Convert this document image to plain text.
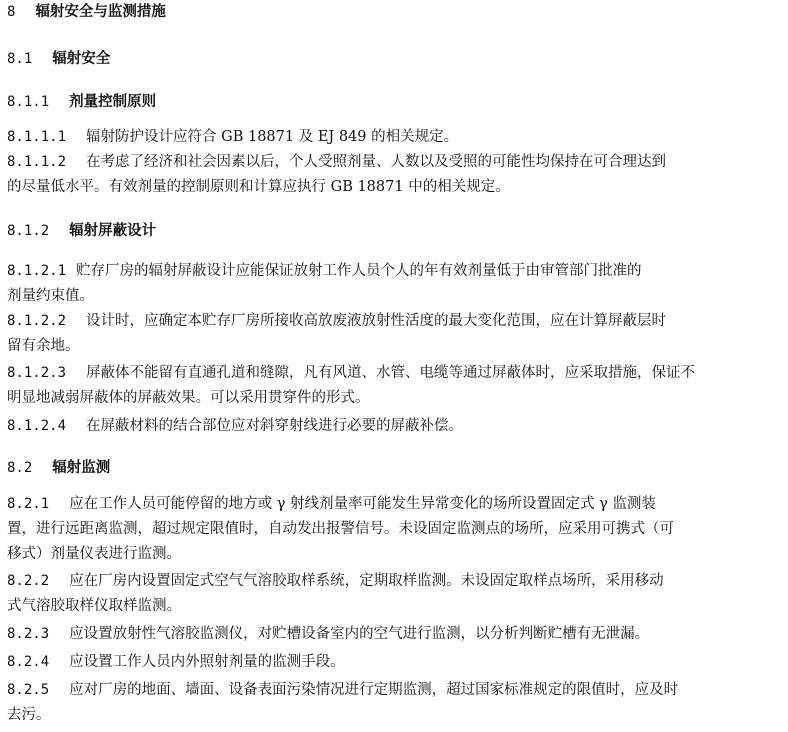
8 辐射安全与监测措施
8.1 辐射安全
8.1.1 剂量控制原则
8.1.1.1 辐射防护设计应符合 GB 18871 及 EJ 849 的相关规定。
8.1.1.2 在考虑了经济和社会因素以后，个人受照剂量、人数以及受照的可能性均保持在可合理达到
的尽量低水平。有效剂量的控制原则和计算应执行 GB 18871 中的相关规定。
8.1.2 辐射屏蔽设计
8.1.2.1 贮存厂房的辐射屏蔽设计应能保证放射工作人员个人的年有效剂量低于由审管部门批准的
剂量约束值。
8.1.2.2 设计时，应确定本贮存厂房所接收高放废液放射性活度的最大变化范围，应在计算屏蔽层时
留有余地。
8.1.2.3 屏蔽体不能留有直通孔道和缝隙，凡有风道、水管、电缆等通过屏蔽体时，应采取措施，保证不
明显地减弱屏蔽体的屏蔽效果。可以采用贯穿件的形式。
8.1.2.4 在屏蔽材料的结合部位应对斜穿射线进行必要的屏蔽补偿。
8.2 辐射监测
8.2.1 应在工作人员可能停留的地方或 γ 射线剂量率可能发生异常变化的场所设置固定式 γ 监测装
置，进行远距离监测，超过规定限值时，自动发出报警信号。未设固定监测点的场所，应采用可携式（可
移式）剂量仪表进行监测。
8.2.2 应在厂房内设置固定式空气气溶胶取样系统，定期取样监测。未设固定取样点场所，采用移动
式气溶胶取样仪取样监测。
8.2.3 应设置放射性气溶胶监测仪，对贮槽设备室内的空气进行监测，以分析判断贮槽有无泄漏。
8.2.4 应设置工作人员内外照射剂量的监测手段。
8.2.5 应对厂房的地面、墙面、设备表面污染情况进行定期监测，超过国家标准规定的限值时，应及时
去污。
